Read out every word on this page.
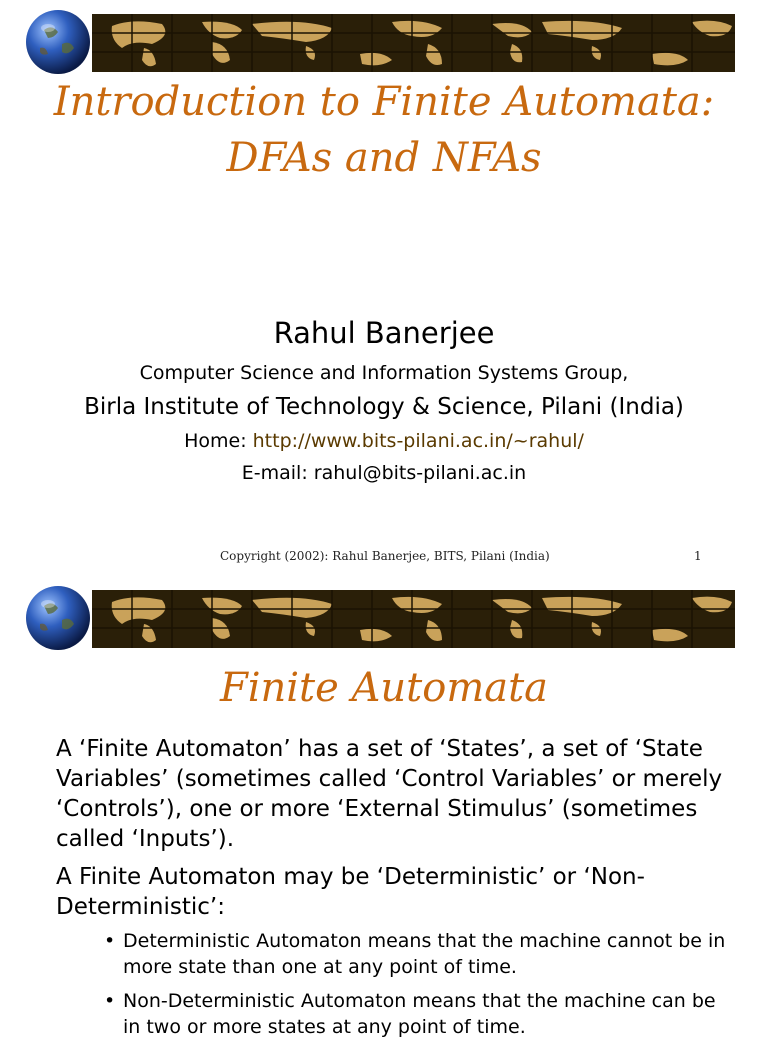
Introduction to Finite Automata:
DFAs and NFAs
Rahul Banerjee
Computer Science and Information Systems Group,
Birla Institute of Technology & Science, Pilani (India)
Home: http://www.bits-pilani.ac.in/~rahul/
E-mail: rahul@bits-pilani.ac.in
Copyright (2002): Rahul Banerjee, BITS, Pilani (India)	1
Finite Automata

A ‘Finite Automaton’ has a set of ‘States’, a set of ‘State Variables’ (sometimes called ‘Control Variables’ or merely ‘Controls’), one or more ‘External Stimulus’ (sometimes called ‘Inputs’).

A Finite Automaton may be ‘Deterministic’ or ‘Non-Deterministic’:

• Deterministic Automaton means that the machine cannot be in more state than one at any point of time.
• Non-Deterministic Automaton means that the machine can be in two or more states at any point of time.
